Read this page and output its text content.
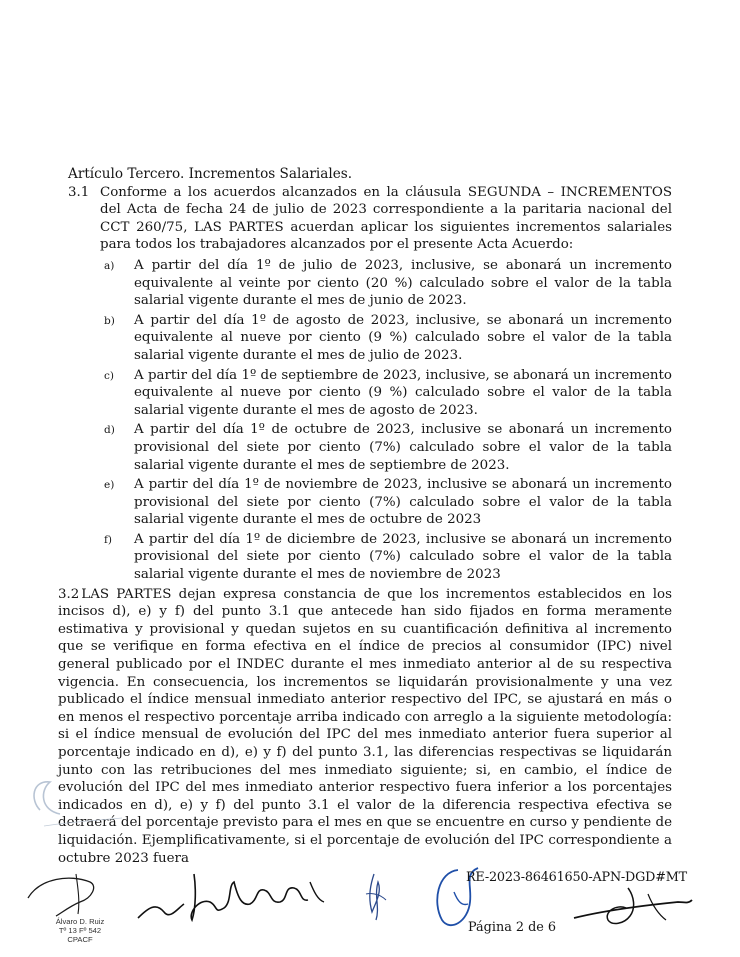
Artículo Tercero. Incrementos Salariales.

3.1 Conforme a los acuerdos alcanzados en la cláusula SEGUNDA – INCREMENTOS del Acta de fecha 24 de julio de 2023 correspondiente a la paritaria nacional del CCT 260/75, LAS PARTES acuerdan aplicar los siguientes incrementos salariales para todos los trabajadores alcanzados por el presente Acta Acuerdo:
a)	A partir del día 1º de julio de 2023, inclusive, se abonará un incremento equivalente al veinte por ciento (20 %) calculado sobre el valor de la tabla salarial vigente durante el mes de junio de 2023.
b)	A partir del día 1º de agosto de 2023, inclusive, se abonará un incremento equivalente al nueve por ciento (9 %) calculado sobre el valor de la tabla salarial vigente durante el mes de julio de 2023.
c)	A partir del día 1º de septiembre de 2023, inclusive, se abonará un incremento equivalente al nueve por ciento (9 %) calculado sobre el valor de la tabla salarial vigente durante el mes de agosto de 2023.
d)	A partir del día 1º de octubre de 2023, inclusive se abonará un incremento provisional del siete por ciento (7%) calculado sobre el valor de la tabla salarial vigente durante el mes de septiembre de 2023.
e)	A partir del día 1º de noviembre de 2023, inclusive se abonará un incremento provisional del siete por ciento (7%) calculado sobre el valor de la tabla salarial vigente durante el mes de octubre de 2023
f)	A partir del día 1º de diciembre de 2023, inclusive se abonará un incremento provisional del siete por ciento (7%) calculado sobre el valor de la tabla salarial vigente durante el mes de noviembre de 2023
3.2 LAS PARTES dejan expresa constancia de que los incrementos establecidos en los incisos d), e) y f) del punto 3.1 que antecede han sido fijados en forma meramente estimativa y provisional y quedan sujetos en su cuantificación definitiva al incremento que se verifique en forma efectiva en el índice de precios al consumidor (IPC) nivel general publicado por el INDEC durante el mes inmediato anterior al de su respectiva vigencia. En consecuencia, los incrementos se liquidarán provisionalmente y una vez publicado el índice mensual inmediato anterior respectivo del IPC, se ajustará en más o en menos el respectivo porcentaje arriba indicado con arreglo a la siguiente metodología: si el índice mensual de evolución del IPC del mes inmediato anterior fuera superior al porcentaje indicado en d), e) y f) del punto 3.1, las diferencias respectivas se liquidarán junto con las retribuciones del mes inmediato siguiente; si, en cambio, el índice de evolución del IPC del mes inmediato anterior respectivo fuera inferior a los porcentajes indicados en d), e) y f) del punto 3.1 el valor de la diferencia respectiva efectiva se detraerá del porcentaje previsto para el mes en que se encuentre en curso y pendiente de liquidación. Ejemplificativamente, si el porcentaje de evolución del IPC correspondiente a octubre 2023 fuera
Álvaro D. Ruiz
Tº 13 Fº 542
CPACF
RE-2023-86461650-APN-DGD#MT
Página 2 de 6
